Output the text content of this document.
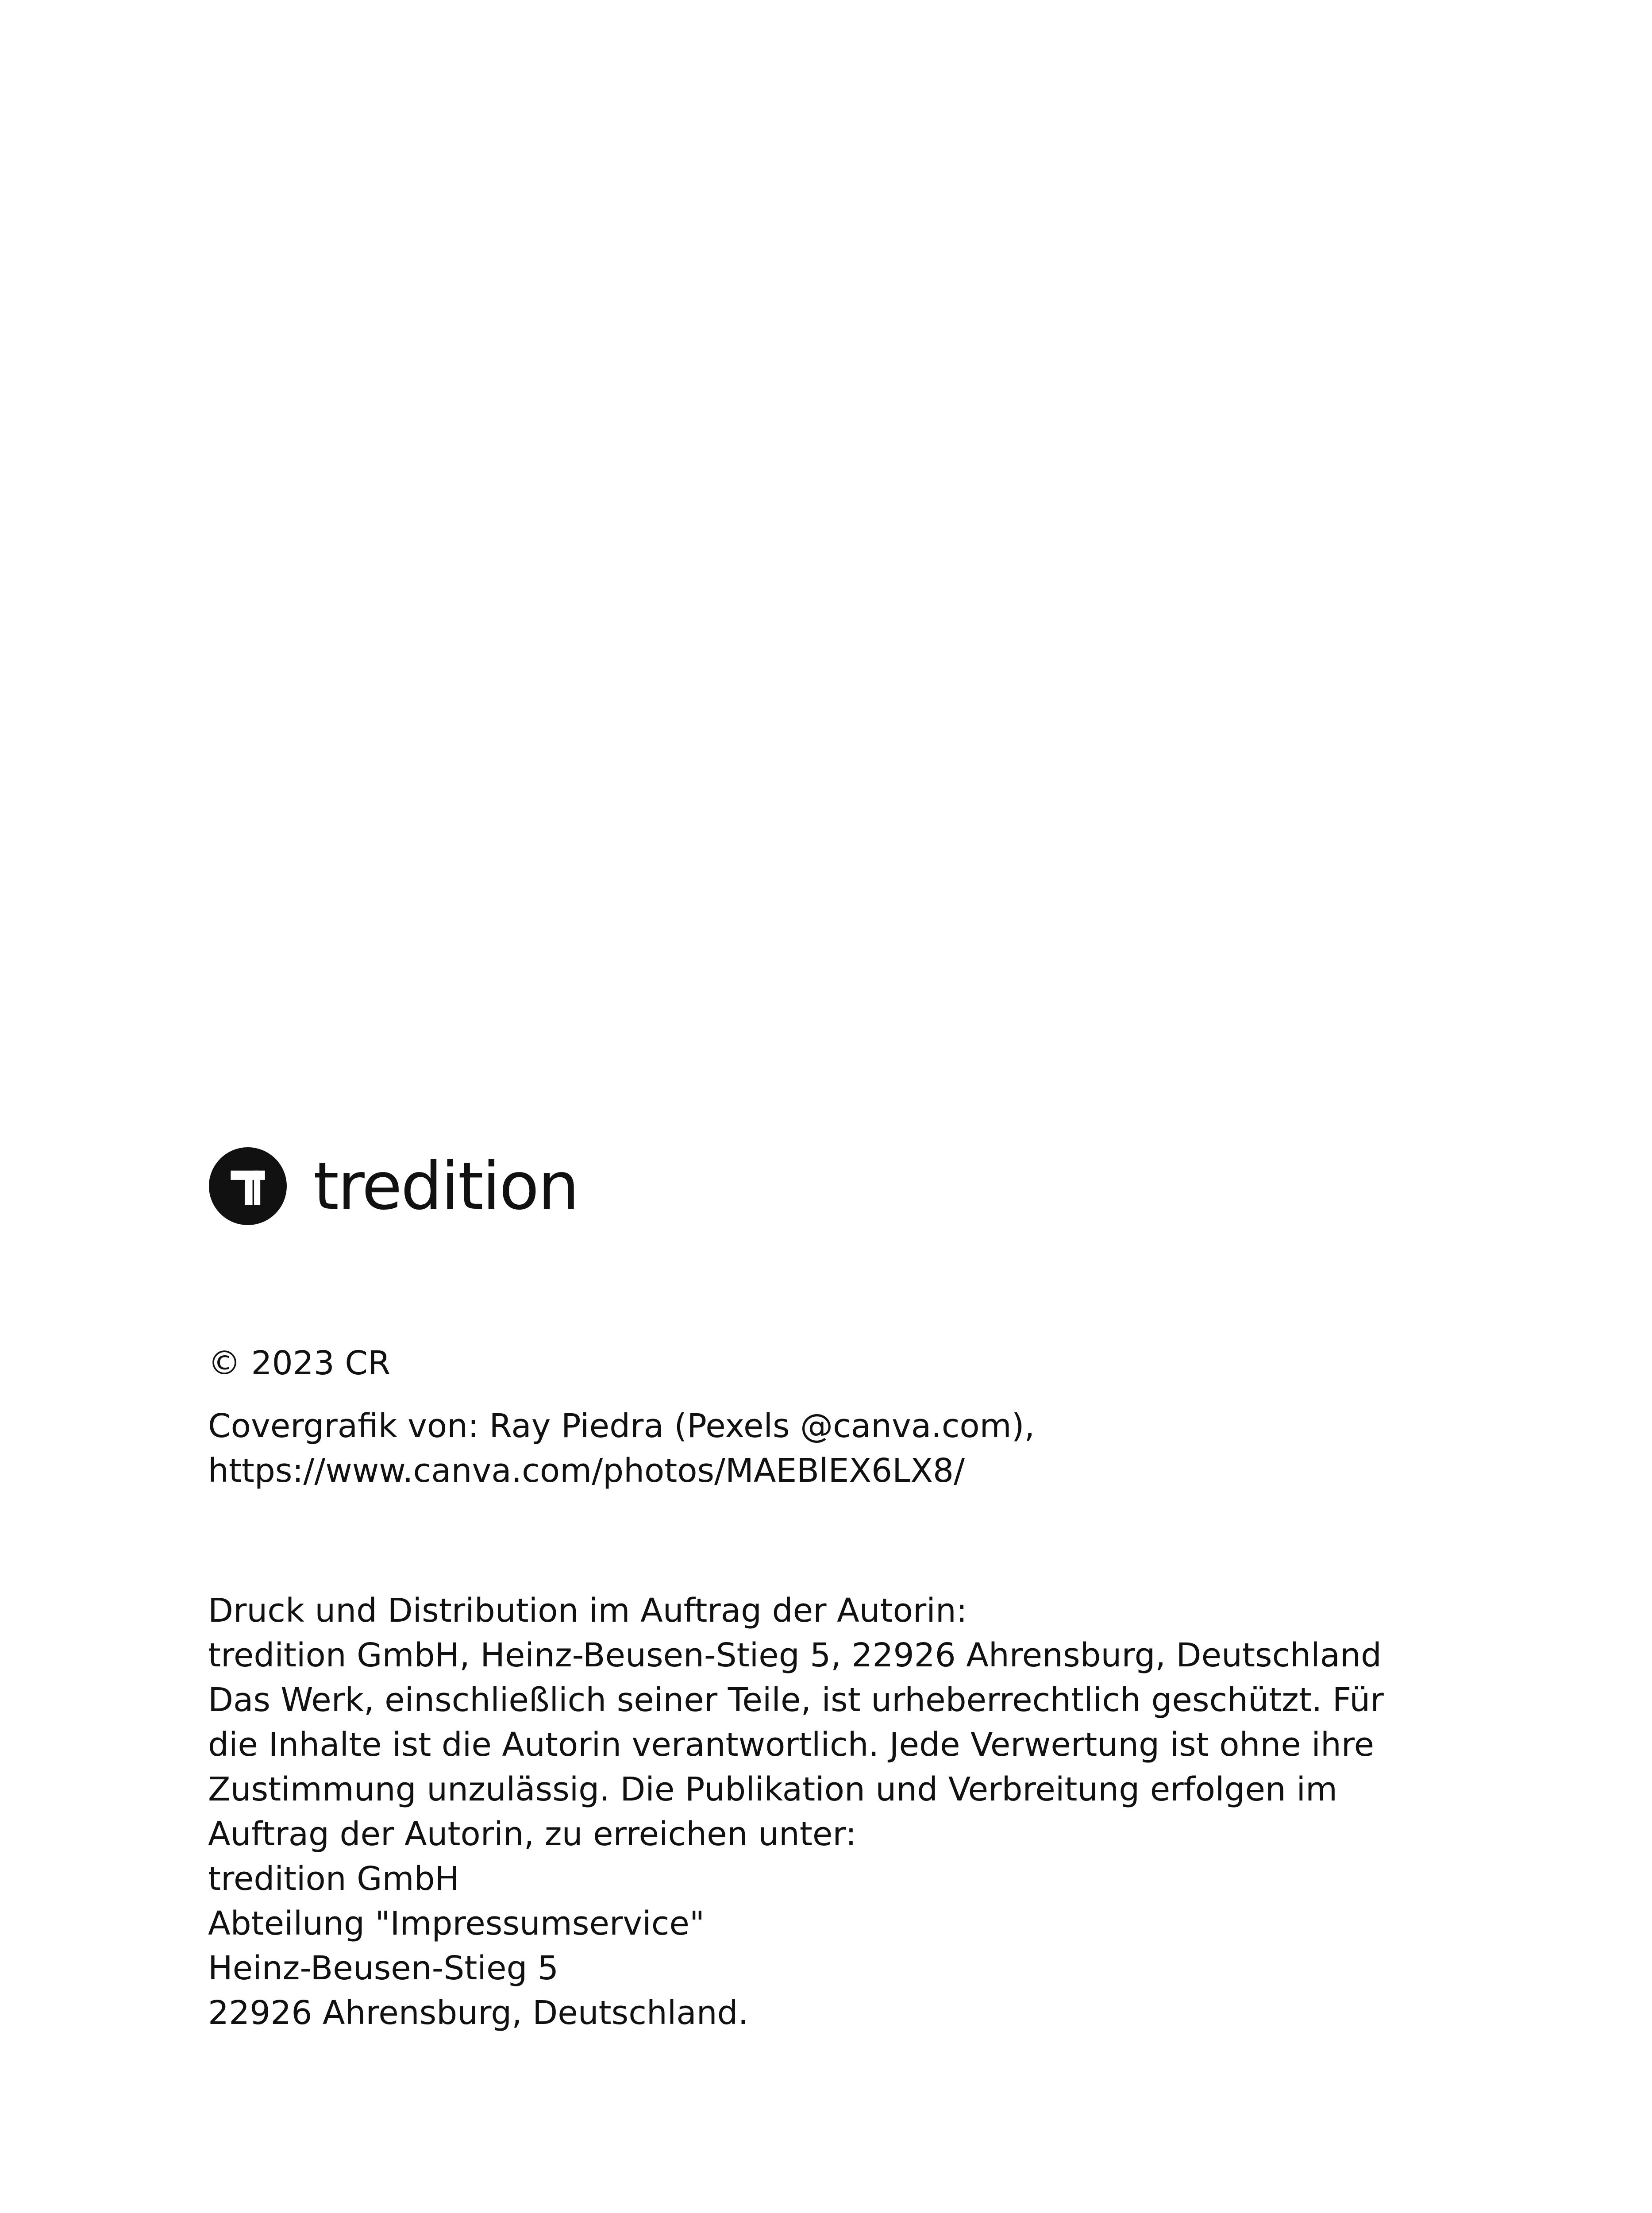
tredition
© 2023 CR
Covergrafik von: Ray Piedra (Pexels @canva.com),
https://www.canva.com/photos/MAEBlEX6LX8/
Druck und Distribution im Auftrag der Autorin:
tredition GmbH, Heinz-Beusen-Stieg 5, 22926 Ahrensburg, Deutschland
Das Werk, einschließlich seiner Teile, ist urheberrechtlich geschützt. Für
die Inhalte ist die Autorin verantwortlich. Jede Verwertung ist ohne ihre
Zustimmung unzulässig. Die Publikation und Verbreitung erfolgen im
Auftrag der Autorin, zu erreichen unter:
tredition GmbH
Abteilung "Impressumservice"
Heinz-Beusen-Stieg 5
22926 Ahrensburg, Deutschland.
